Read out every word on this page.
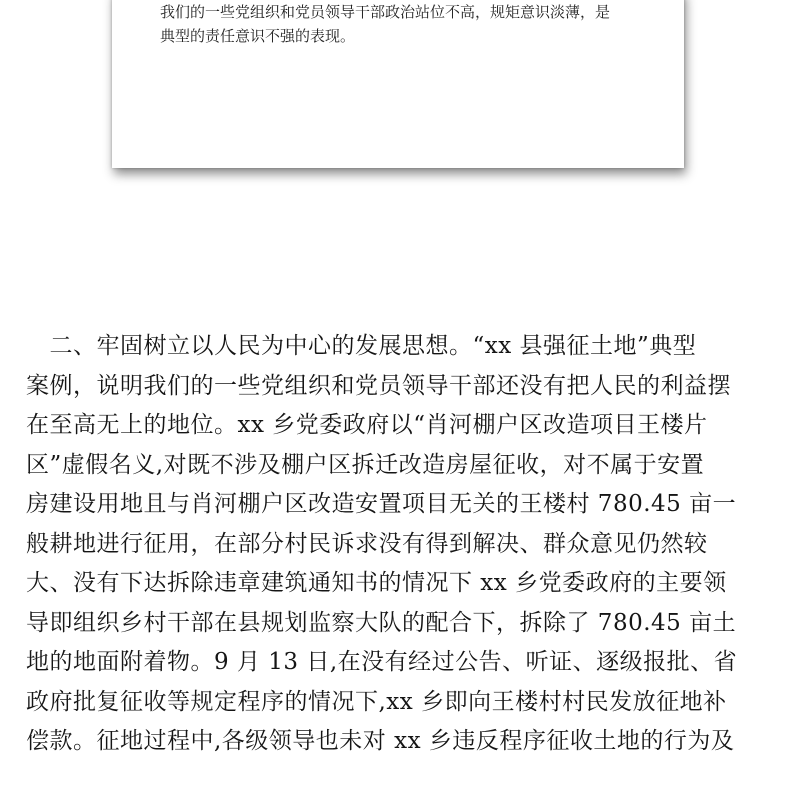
我们的一些党组织和党员领导干部政治站位不高，规矩意识淡薄，是
典型的责任意识不强的表现。
　二、牢固树立以人民为中心的发展思想。“xx 县强征土地”典型
案例，说明我们的一些党组织和党员领导干部还没有把人民的利益摆
在至高无上的地位。xx 乡党委政府以“肖河棚户区改造项目王楼片
区”虚假名义,对既不涉及棚户区拆迁改造房屋征收，对不属于安置
房建设用地且与肖河棚户区改造安置项目无关的王楼村 780.45 亩一
般耕地进行征用，在部分村民诉求没有得到解决、群众意见仍然较
大、没有下达拆除违章建筑通知书的情况下 xx 乡党委政府的主要领
导即组织乡村干部在县规划监察大队的配合下，拆除了 780.45 亩土
地的地面附着物。9 月 13 日,在没有经过公告、听证、逐级报批、省
政府批复征收等规定程序的情况下,xx 乡即向王楼村村民发放征地补
偿款。征地过程中,各级领导也未对 xx 乡违反程序征收土地的行为及
